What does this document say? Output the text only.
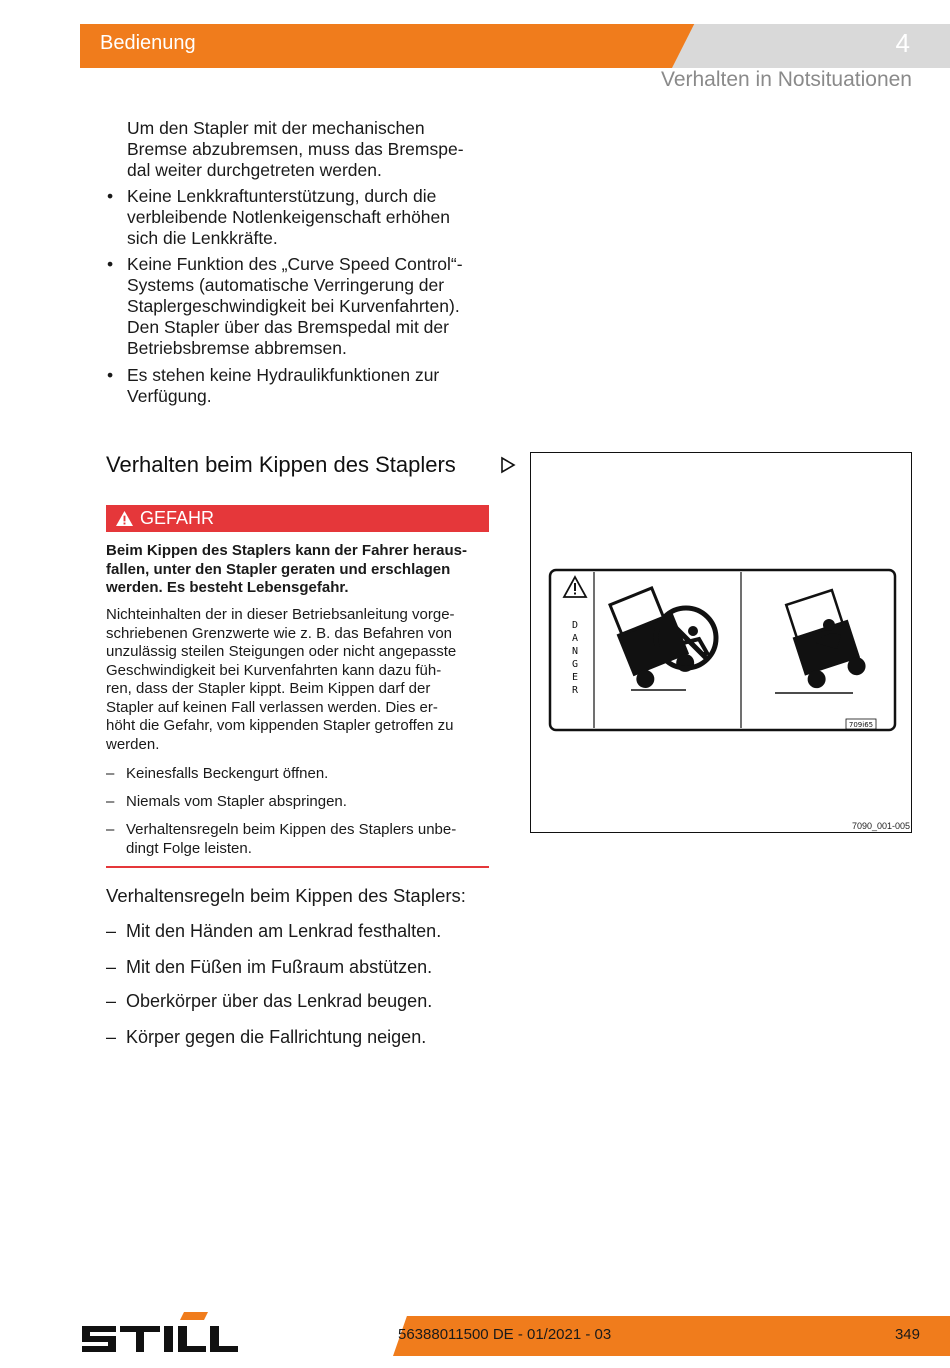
Bedienung	4
Verhalten in Notsituationen
Um den Stapler mit der mechanischen
Bremse abzubremsen, muss das Bremspe-
dal weiter durchgetreten werden.
• Keine Lenkkraftunterstützung, durch die
verbleibende Notlenkeigenschaft erhöhen
sich die Lenkkräfte.
• Keine Funktion des „Curve Speed Control“-
Systems (automatische Verringerung der
Staplergeschwindigkeit bei Kurvenfahrten).
Den Stapler über das Bremspedal mit der
Betriebsbremse abbremsen.
• Es stehen keine Hydraulikfunktionen zur
Verfügung.
Verhalten beim Kippen des Staplers
GEFAHR
Beim Kippen des Staplers kann der Fahrer heraus-
fallen, unter den Stapler geraten und erschlagen
werden. Es besteht Lebensgefahr.
Nichteinhalten der in dieser Betriebsanleitung vorge-
schriebenen Grenzwerte wie z. B. das Befahren von
unzulässig steilen Steigungen oder nicht angepasste
Geschwindigkeit bei Kurvenfahrten kann dazu füh-
ren, dass der Stapler kippt. Beim Kippen darf der
Stapler auf keinen Fall verlassen werden. Dies er-
höht die Gefahr, vom kippenden Stapler getroffen zu
werden.
– Keinesfalls Beckengurt öffnen.
– Niemals vom Stapler abspringen.
– Verhaltensregeln beim Kippen des Staplers unbe-
dingt Folge leisten.
Verhaltensregeln beim Kippen des Staplers:
– Mit den Händen am Lenkrad festhalten.
– Mit den Füßen im Fußraum abstützen.
– Oberkörper über das Lenkrad beugen.
– Körper gegen die Fallrichtung neigen.
D
A
N
G
E
R
709i65
7090_001-005
56388011500 DE - 01/2021 - 03	349
